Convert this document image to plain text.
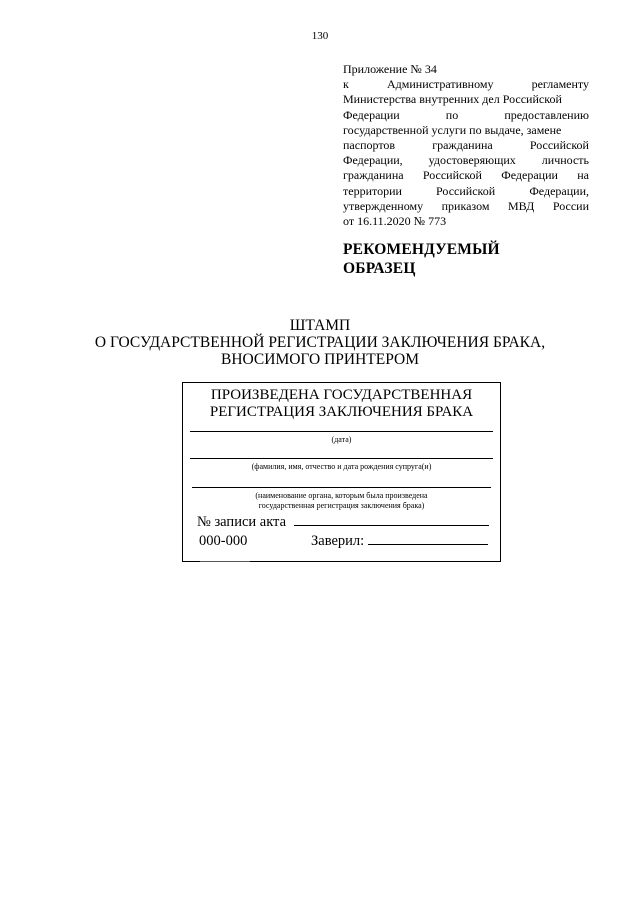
130
Приложение № 34
к	Административному	регламенту
Министерства внутренних дел Российской
Федерации	по	предоставлению
государственной услуги по выдаче, замене
паспортов	гражданина	Российской
Федерации, удостоверяющих личность
гражданина Российской Федерации на
территории	Российской	Федерации,
утвержденному приказом МВД России
от 16.11.2020 № 773
РЕКОМЕНДУЕМЫЙ
ОБРАЗЕЦ
ШТАМП
О ГОСУДАРСТВЕННОЙ РЕГИСТРАЦИИ ЗАКЛЮЧЕНИЯ БРАКА,
ВНОСИМОГО ПРИНТЕРОМ
ПРОИЗВЕДЕНА ГОСУДАРСТВЕННАЯ
РЕГИСТРАЦИЯ ЗАКЛЮЧЕНИЯ БРАКА
(дата)
(фамилия, имя, отчество и дата рождения супруга(и)
(наименование органа, которым была произведена
государственная регистрация заключения брака)
№ записи акта
000-000	Заверил:
